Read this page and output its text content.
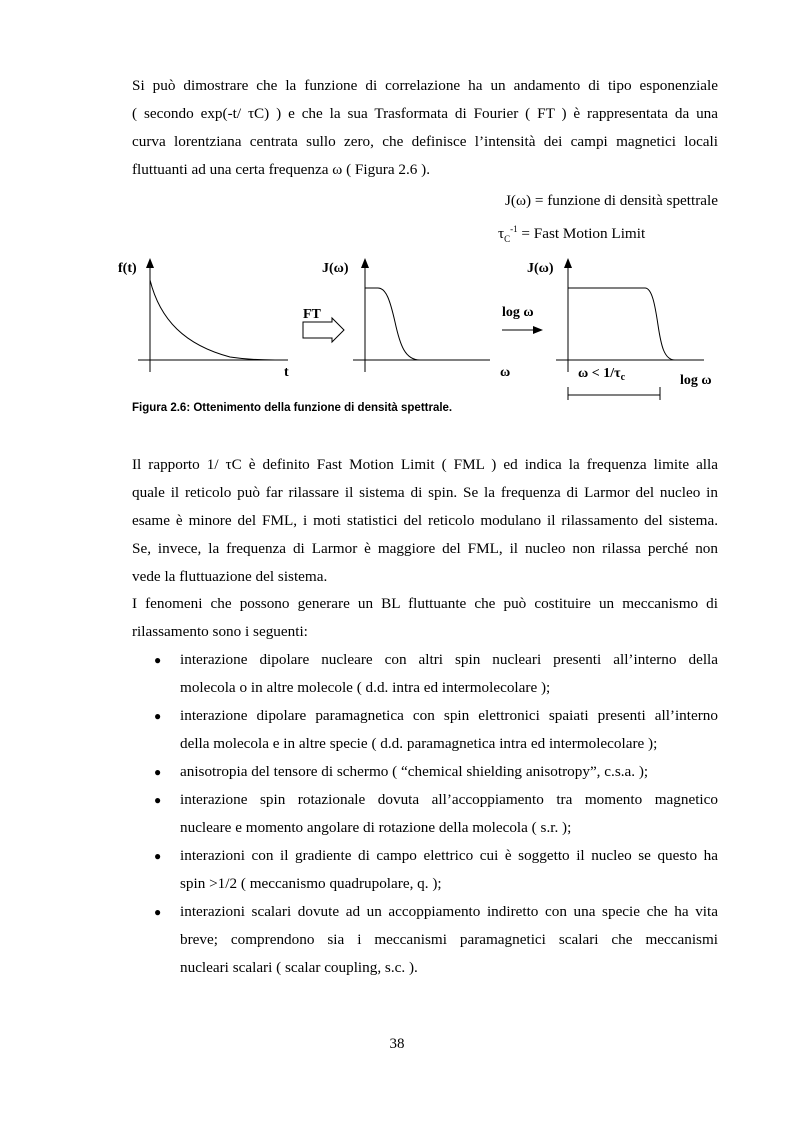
Si può dimostrare che la funzione di correlazione ha un andamento di tipo esponenziale
( secondo exp(-t/ τC) ) e che la sua Trasformata di Fourier ( FT ) è rappresentata da una
curva lorentziana centrata sullo zero, che definisce l’intensità dei campi magnetici locali
fluttuanti ad una certa frequenza ω ( Figura 2.6 ).
J(ω) = funzione di densità spettrale
$\tau_C^{-1}$ = Fast Motion Limit
f(t)
t
FT
J(ω)
ω
log ω
J(ω)
log ω
$\omega < 1/\tau_c$
Figura 2.6: Ottenimento della funzione di densità spettrale.
Il rapporto 1/ τC è definito Fast Motion Limit ( FML ) ed indica la frequenza limite alla
quale il reticolo può far rilassare il sistema di spin. Se la frequenza di Larmor del nucleo in
esame è minore del FML, i moti statistici del reticolo modulano il rilassamento del sistema.
Se, invece, la frequenza di Larmor è maggiore del FML, il nucleo non rilassa perché non
vede la fluttuazione del sistema.
I fenomeni che possono generare un BL fluttuante che può costituire un meccanismo di
rilassamento sono i seguenti:
● interazione dipolare nucleare con altri spin nucleari presenti all’interno della
molecola o in altre molecole ( d.d. intra ed intermolecolare );
● interazione dipolare paramagnetica con spin elettronici spaiati presenti all’interno
della molecola e in altre specie ( d.d. paramagnetica intra ed intermolecolare );
● anisotropia del tensore di schermo ( “chemical shielding anisotropy”, c.s.a. );
● interazione spin rotazionale dovuta all’accoppiamento tra momento magnetico
nucleare e momento angolare di rotazione della molecola ( s.r. );
● interazioni con il gradiente di campo elettrico cui è soggetto il nucleo se questo ha
spin >1/2 ( meccanismo quadrupolare, q. );
● interazioni scalari dovute ad un accoppiamento indiretto con una specie che ha vita
breve; comprendono sia i meccanismi paramagnetici scalari che meccanismi
nucleari scalari ( scalar coupling, s.c. ).
38
